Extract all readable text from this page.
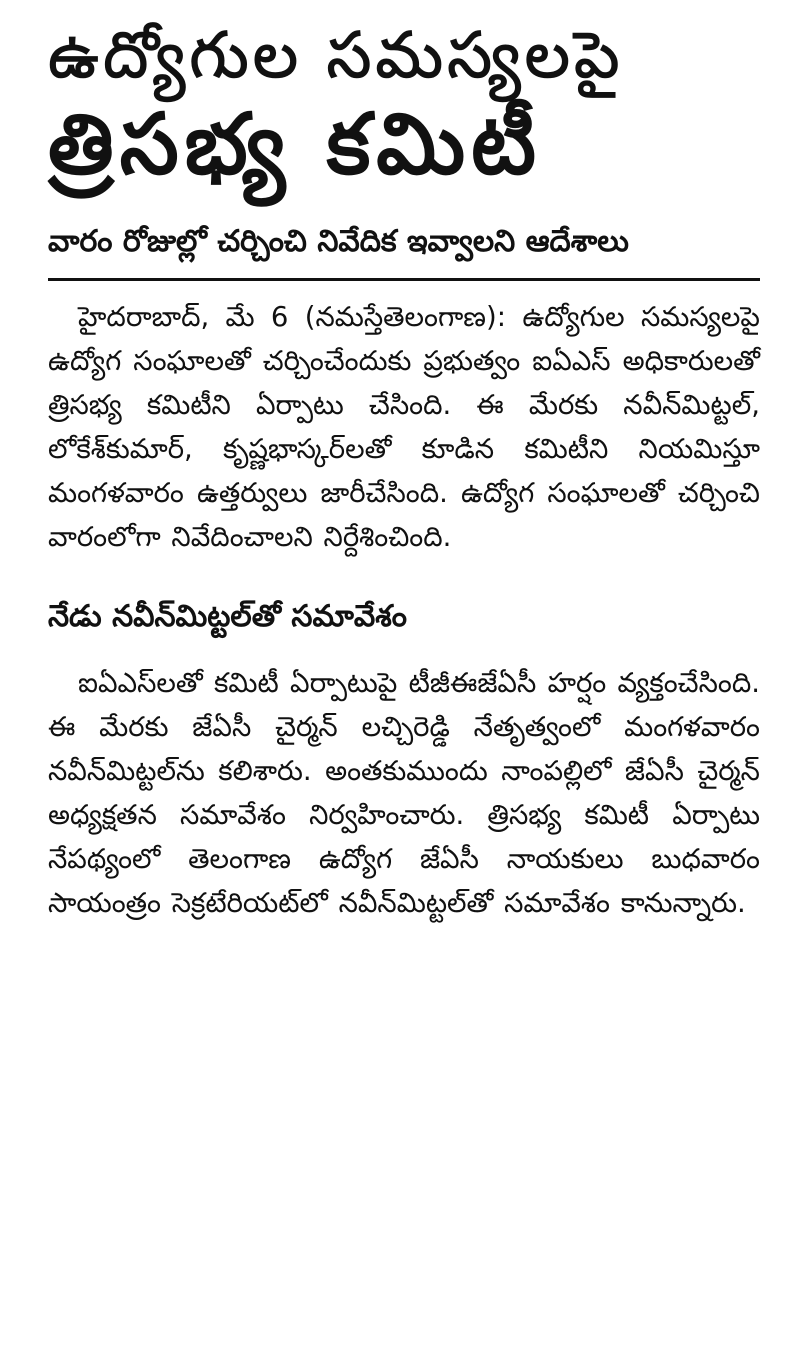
ఉద్యోగుల సమస్యలపై
త్రిసభ్య కమిటీ
వారం రోజుల్లో చర్చించి నివేదిక ఇవ్వాలని ఆదేశాలు

హైదరాబాద్, మే 6 (నమస్తేతెలంగాణ): ఉద్యోగుల సమస్యలపై ఉద్యోగ సంఘాలతో చర్చించేందుకు ప్రభుత్వం ఐఏఎస్ అధికారులతో త్రిసభ్య కమిటీని ఏర్పాటు చేసింది. ఈ మేరకు నవీన్‌మిట్టల్, లోకేశ్‌కుమార్, కృష్ణభాస్కర్‌లతో కూడిన కమిటీని నియమిస్తూ మంగళవారం ఉత్తర్వులు జారీచేసింది. ఉద్యోగ సంఘాలతో చర్చించి వారంలోగా నివేదించాలని నిర్దేశించింది.

నేడు నవీన్‌మిట్టల్‌తో సమావేశం

ఐఏఎస్‌లతో కమిటీ ఏర్పాటుపై టీజీఈజేఏసీ హర్షం వ్యక్తంచేసింది. ఈ మేరకు జేఏసీ చైర్మన్ లచ్చిరెడ్డి నేతృత్వంలో మంగళవారం నవీన్‌మిట్టల్‌ను కలిశారు. అంతకుముందు నాంపల్లిలో జేఏసీ చైర్మన్ అధ్యక్షతన సమావేశం నిర్వహించారు. త్రిసభ్య కమిటీ ఏర్పాటు నేపథ్యంలో తెలంగాణ ఉద్యోగ జేఏసీ నాయకులు బుధవారం సాయంత్రం సెక్రటేరియట్‌లో నవీన్‌మిట్టల్‌తో సమావేశం కానున్నారు.
